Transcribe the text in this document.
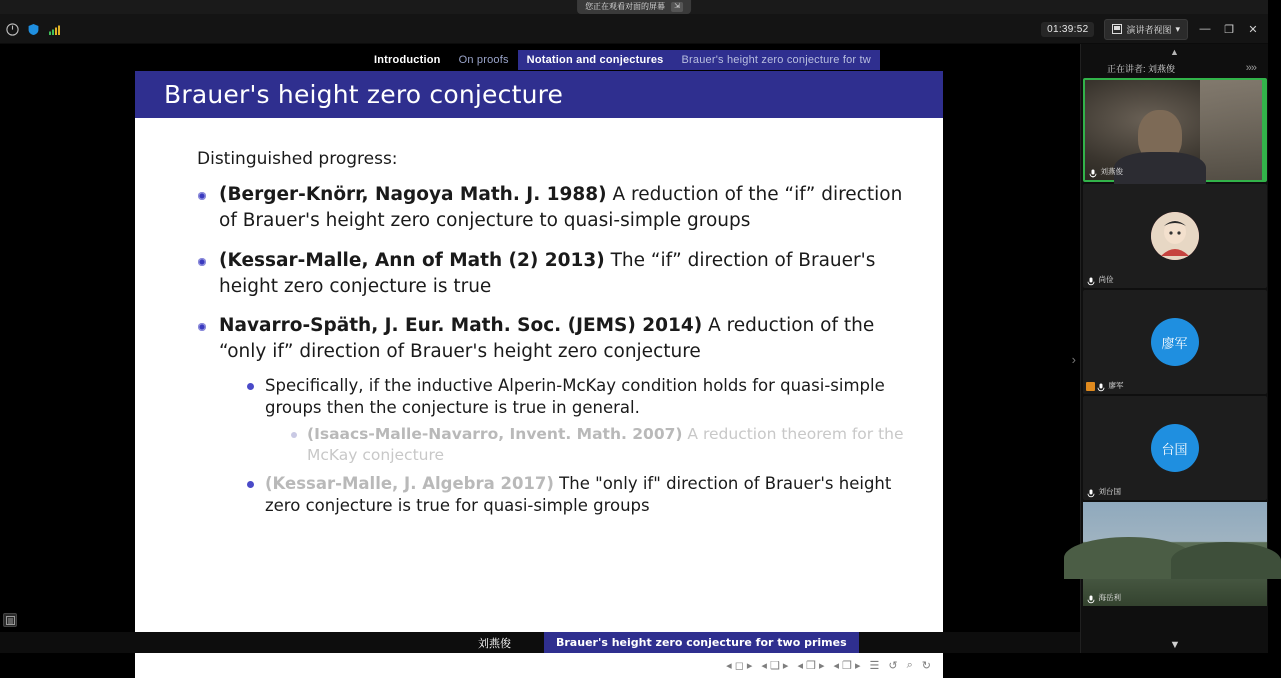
您正在观看对面的屏幕	⇲
01:39:52	演讲者视图 ▾ — ❐ ✕
Introduction	On proofs	Notation and conjectures	Brauer's height zero conjecture for tw
Brauer's height zero conjecture
Distinguished progress:
(Berger-Knörr, Nagoya Math. J. 1988) A reduction of the “if” direction of Brauer's height zero conjecture to quasi-simple groups
(Kessar-Malle, Ann of Math (2) 2013) The “if” direction of Brauer's height zero conjecture is true
Navarro-Späth, J. Eur. Math. Soc. (JEMS) 2014) A reduction of the “only if” direction of Brauer's height zero conjecture
Specifically, if the inductive Alperin-McKay condition holds for quasi-simple groups then the conjecture is true in general.
(Isaacs-Malle-Navarro, Invent. Math. 2007) A reduction theorem for the McKay conjecture
(Kessar-Malle, J. Algebra 2017) The "only if" direction of Brauer's height zero conjecture is true for quasi-simple groups
◂ ◻ ▸ ◂ ❑ ▸ ◂ ❒ ▸ ◂ ❐ ▸ ☰ ↺ ⌕ ↻
›
刘燕俊	Brauer's height zero conjecture for two primes
▲
正在讲者: 刘燕俊	»»
刘燕俊
尚俭
廖军
廖军
台国
刘台国
海岳利
▼
